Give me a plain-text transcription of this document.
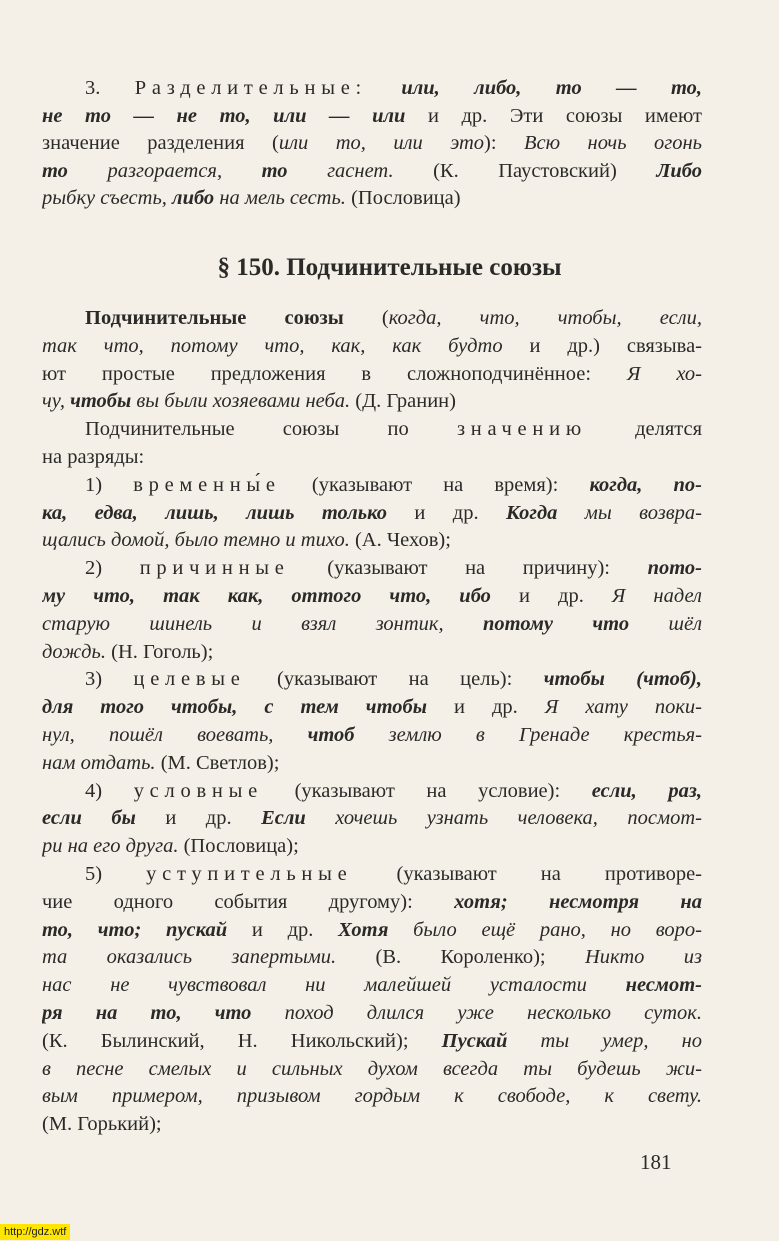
3. Разделительные: или, либо, то — то,
не то — не то, или — или и др. Эти союзы имеют
значение разделения (или то, или это): Всю ночь огонь
то разгорается, то гаснет. (К. Паустовский) Либо
рыбку съесть, либо на мель сесть. (Пословица)
Подчинительные союзы (когда, что, чтобы, если,
так что, потому что, как, как будто и др.) связыва-
ют простые предложения в сложноподчинённое: Я хо-
чу, чтобы вы были хозяевами неба. (Д. Гранин)
Подчинительные союзы по значению делятся
на разряды:
1) временны́е (указывают на время): когда, по-
ка, едва, лишь, лишь только и др. Когда мы возвра-
щались домой, было темно и тихо. (А. Чехов);
2) причинные (указывают на причину): пото-
му что, так как, оттого что, ибо и др. Я надел
старую шинель и взял зонтик, потому что шёл
дождь. (Н. Гоголь);
3) целевые (указывают на цель): чтобы (чтоб),
для того чтобы, с тем чтобы и др. Я хату поки-
нул, пошёл воевать, чтоб землю в Гренаде крестья-
нам отдать. (М. Светлов);
4) условные (указывают на условие): если, раз,
если бы и др. Если хочешь узнать человека, посмот-
ри на его друга. (Пословица);
5) уступительные (указывают на противоре-
чие одного события другому): хотя; несмотря на
то, что; пускай и др. Хотя было ещё рано, но воро-
та оказались запертыми. (В. Короленко); Никто из
нас не чувствовал ни малейшей усталости несмот-
ря на то, что поход длился уже несколько суток.
(К. Былинский, Н. Никольский); Пускай ты умер, но
в песне смелых и сильных духом всегда ты будешь жи-
вым примером, призывом гордым к свободе, к свету.
(М. Горький);
§ 150. Подчинительные союзы
181
http://gdz.wtf
